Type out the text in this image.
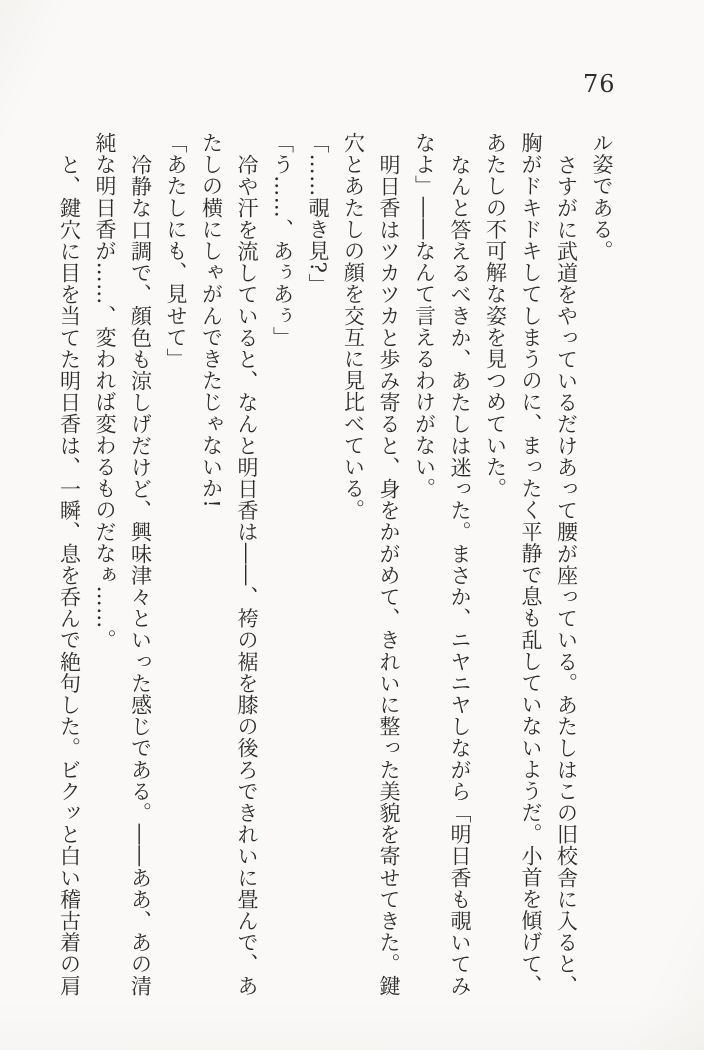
76
ル姿である。
さすがに武道をやっているだけあって腰が座っている。あたしはこの旧校舎に入ると、
胸がドキドキしてしまうのに、まったく平静で息も乱していないようだ。小首を傾げて、
あたしの不可解な姿を見つめていた。
なんと答えるべきか、あたしは迷った。まさか、ニヤニヤしながら「明日香も覗いてみ
なよ」――なんて言えるわけがない。
明日香はツカツカと歩み寄ると、身をかがめて、きれいに整った美貌を寄せてきた。鍵
穴とあたしの顔を交互に見比べている。
「……覗き見?」
「う……、あぅあぅ」
冷や汗を流していると、なんと明日香は――、袴の裾を膝の後ろできれいに畳んで、あ
たしの横にしゃがんできたじゃないか!
「あたしにも、見せて」
冷静な口調で、顔色も涼しげだけど、興味津々といった感じである。――ああ、あの清
純な明日香が……、変われば変わるものだなぁ……。
と、鍵穴に目を当てた明日香は、一瞬、息を呑んで絶句した。ビクッと白い稽古着の肩
